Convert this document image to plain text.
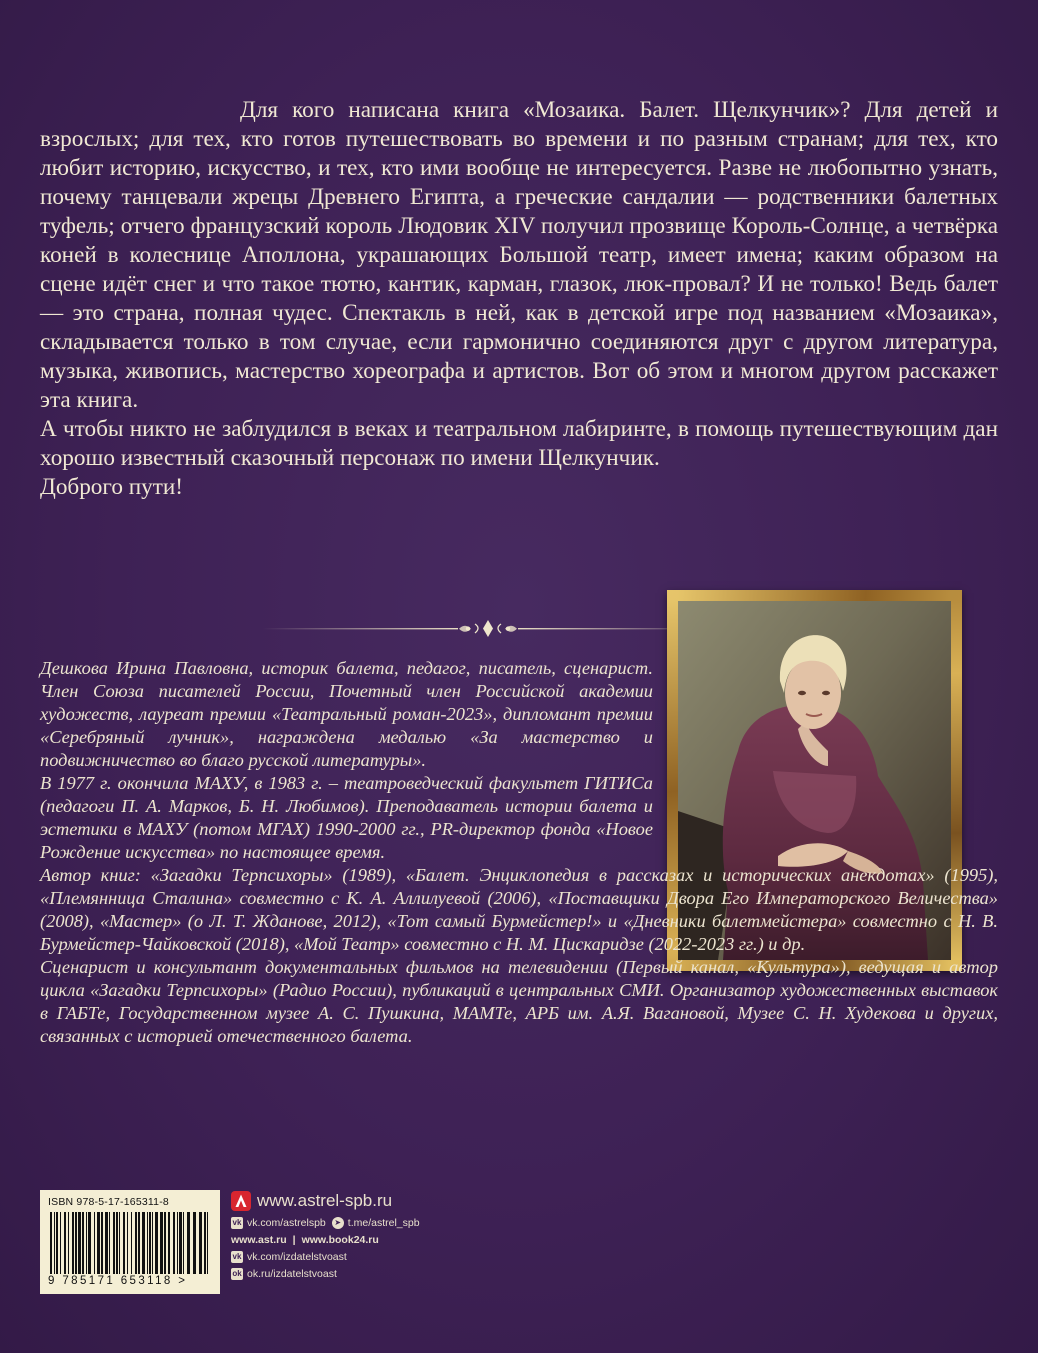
Для кого написана книга «Мозаика. Балет. Щелкунчик»? Для детей и взрослых; для тех, кто готов путешествовать во времени и по разным странам; для тех, кто любит историю, искусство, и тех, кто ими вообще не интересуется. Разве не любопытно узнать, почему танцевали жрецы Древнего Египта, а греческие сандалии — родственники балетных туфель; отчего французский король Людовик XIV получил прозвище Король-Солнце, а четвёрка коней в колеснице Аполлона, украшающих Большой театр, имеет имена; каким образом на сцене идёт снег и что такое тютю, кантик, карман, глазок, люк-провал? И не только! Ведь балет — это страна, полная чудес. Спектакль в ней, как в детской игре под названием «Мозаика», складывается только в том случае, если гармонично соединяются друг с другом литература, музыка, живопись, мастерство хореографа и артистов. Вот об этом и многом другом расскажет эта книга.

А чтобы никто не заблудился в веках и театральном лабиринте, в помощь путешествующим дан хорошо известный сказочный персонаж по имени Щелкунчик.

Доброго пути!

Дешкова Ирина Павловна, историк балета, педагог, писатель, сценарист. Член Союза писателей России, Почетный член Российской академии художеств, лауреат премии «Театральный роман-2023», дипломант премии «Серебряный лучник», награждена медалью «За мастерство и подвижничество во благо русской литературы».

В 1977 г. окончила МАХУ, в 1983 г. – театроведческий факультет ГИТИСа (педагоги П. А. Марков, Б. Н. Любимов). Преподаватель истории балета и эстетики в МАХУ (потом МГАХ) 1990-2000 гг., PR-директор фонда «Новое Рождение искусства» по настоящее время.

Автор книг: «Загадки Терпсихоры» (1989), «Балет. Энциклопедия в рассказах и исторических анекдотах» (1995), «Племянница Сталина» совместно с К. А. Аллилуевой (2006), «Поставщики Двора Его Императорского Величества» (2008), «Мастер» (о Л. Т. Жданове, 2012), «Тот самый Бурмейстер!» и «Дневники балетмейстера» совместно с Н. В. Бурмейстер-Чайковской (2018), «Мой Театр» совместно с Н. М. Цискаридзе (2022-2023 гг.) и др.

Сценарист и консультант документальных фильмов на телевидении (Первый канал, «Культура»), ведущая и автор цикла «Загадки Терпсихоры» (Радио России), публикаций в центральных СМИ. Организатор художественных выставок в ГАБТе, Государственном музее А. С. Пушкина, МАМТе, АРБ им. А.Я. Вагановой, Музее С. Н. Худекова и других, связанных с историей отечественного балета.

ISBN 978-5-17-165311-8
9 785171 653118 >
www.astrel-spb.ru
vk vk.com/astrelspb	➤ t.me/astrel_spb
www.ast.ru | www.book24.ru
vk vk.com/izdatelstvoast
ok ok.ru/izdatelstvoast
